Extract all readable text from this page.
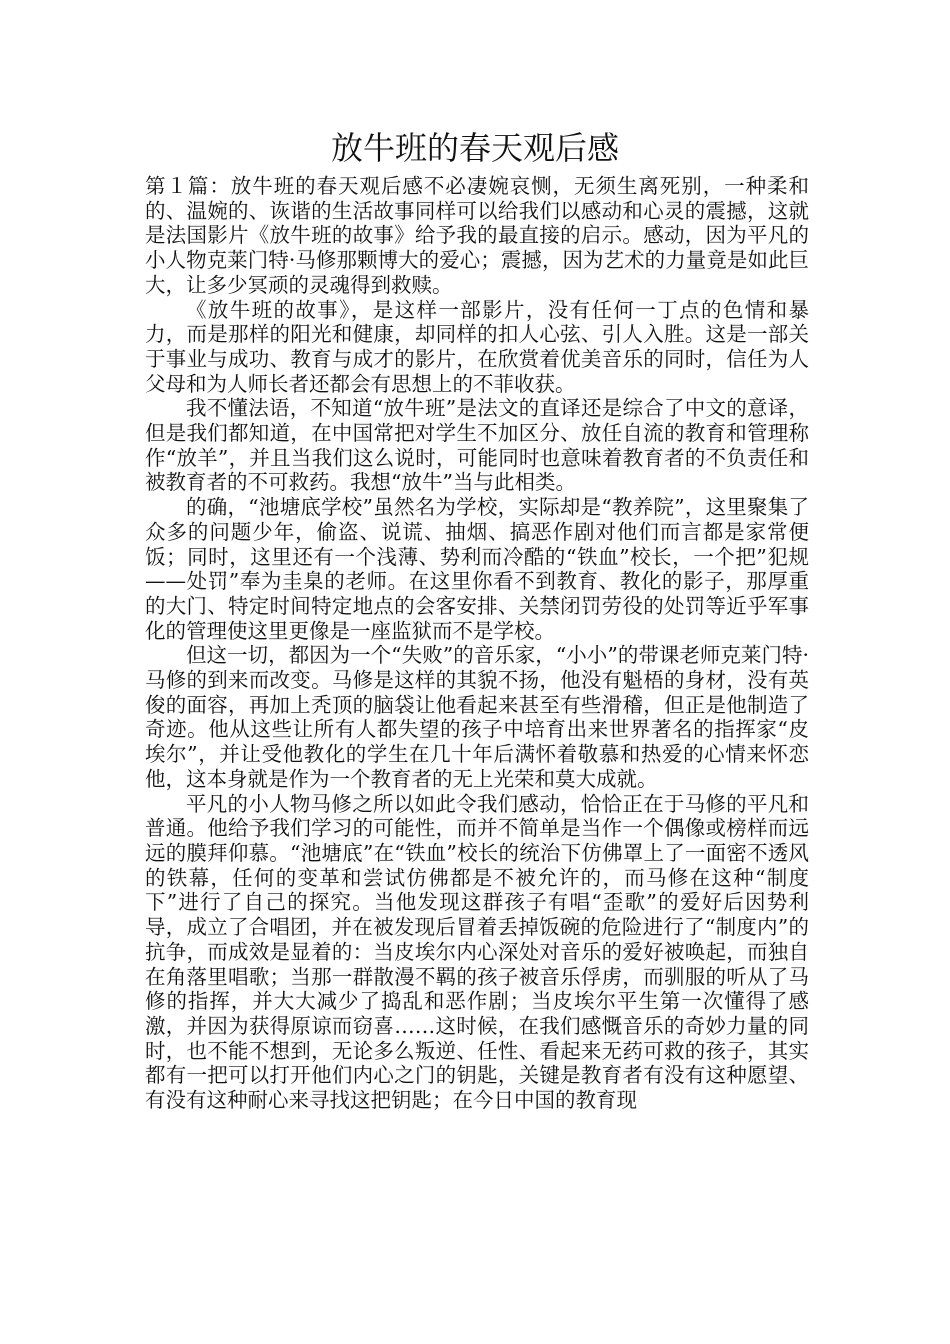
放牛班的春天观后感

第１篇：放牛班的春天观后感不必凄婉哀恻，无须生离死别，一种柔和的、温婉的、诙谐的生活故事同样可以给我们以感动和心灵的震撼，这就是法国影片《放牛班的故事》给予我的最直接的启示。感动，因为平凡的小人物克莱门特·马修那颗博大的爱心；震撼，因为艺术的力量竟是如此巨大，让多少冥顽的灵魂得到救赎。

《放牛班的故事》，是这样一部影片，没有任何一丁点的色情和暴力，而是那样的阳光和健康，却同样的扣人心弦、引人入胜。这是一部关于事业与成功、教育与成才的影片，在欣赏着优美音乐的同时，信任为人父母和为人师长者还都会有思想上的不菲收获。

我不懂法语，不知道“放牛班”是法文的直译还是综合了中文的意译，但是我们都知道，在中国常把对学生不加区分、放任自流的教育和管理称作“放羊”，并且当我们这么说时，可能同时也意味着教育者的不负责任和被教育者的不可救药。我想“放牛”当与此相类。

的确，“池塘底学校”虽然名为学校，实际却是“教养院”，这里聚集了众多的问题少年，偷盗、说谎、抽烟、搞恶作剧对他们而言都是家常便饭；同时，这里还有一个浅薄、势利而冷酷的“铁血”校长，一个把”犯规——处罚”奉为圭臬的老师。在这里你看不到教育、教化的影子，那厚重的大门、特定时间特定地点的会客安排、关禁闭罚劳役的处罚等近乎军事化的管理使这里更像是一座监狱而不是学校。

但这一切，都因为一个“失败”的音乐家，“小小”的带课老师克莱门特·马修的到来而改变。马修是这样的其貌不扬，他没有魁梧的身材，没有英俊的面容，再加上秃顶的脑袋让他看起来甚至有些滑稽，但正是他制造了奇迹。他从这些让所有人都失望的孩子中培育出来世界著名的指挥家“皮埃尔”，并让受他教化的学生在几十年后满怀着敬慕和热爱的心情来怀恋他，这本身就是作为一个教育者的无上光荣和莫大成就。

平凡的小人物马修之所以如此令我们感动，恰恰正在于马修的平凡和普通。他给予我们学习的可能性，而并不简单是当作一个偶像或榜样而远远的膜拜仰慕。“池塘底”在“铁血”校长的统治下仿佛罩上了一面密不透风的铁幕，任何的变革和尝试仿佛都是不被允许的，而马修在这种“制度下”进行了自己的探究。当他发现这群孩子有唱“歪歌”的爱好后因势利导，成立了合唱团，并在被发现后冒着丢掉饭碗的危险进行了“制度内”的抗争，而成效是显着的：当皮埃尔内心深处对音乐的爱好被唤起，而独自在角落里唱歌；当那一群散漫不羁的孩子被音乐俘虏，而驯服的听从了马修的指挥，并大大减少了捣乱和恶作剧；当皮埃尔平生第一次懂得了感激，并因为获得原谅而窃喜……这时候，在我们感慨音乐的奇妙力量的同时，也不能不想到，无论多么叛逆、任性、看起来无药可救的孩子，其实都有一把可以打开他们内心之门的钥匙，关键是教育者有没有这种愿望、有没有这种耐心来寻找这把钥匙；在今日中国的教育现
